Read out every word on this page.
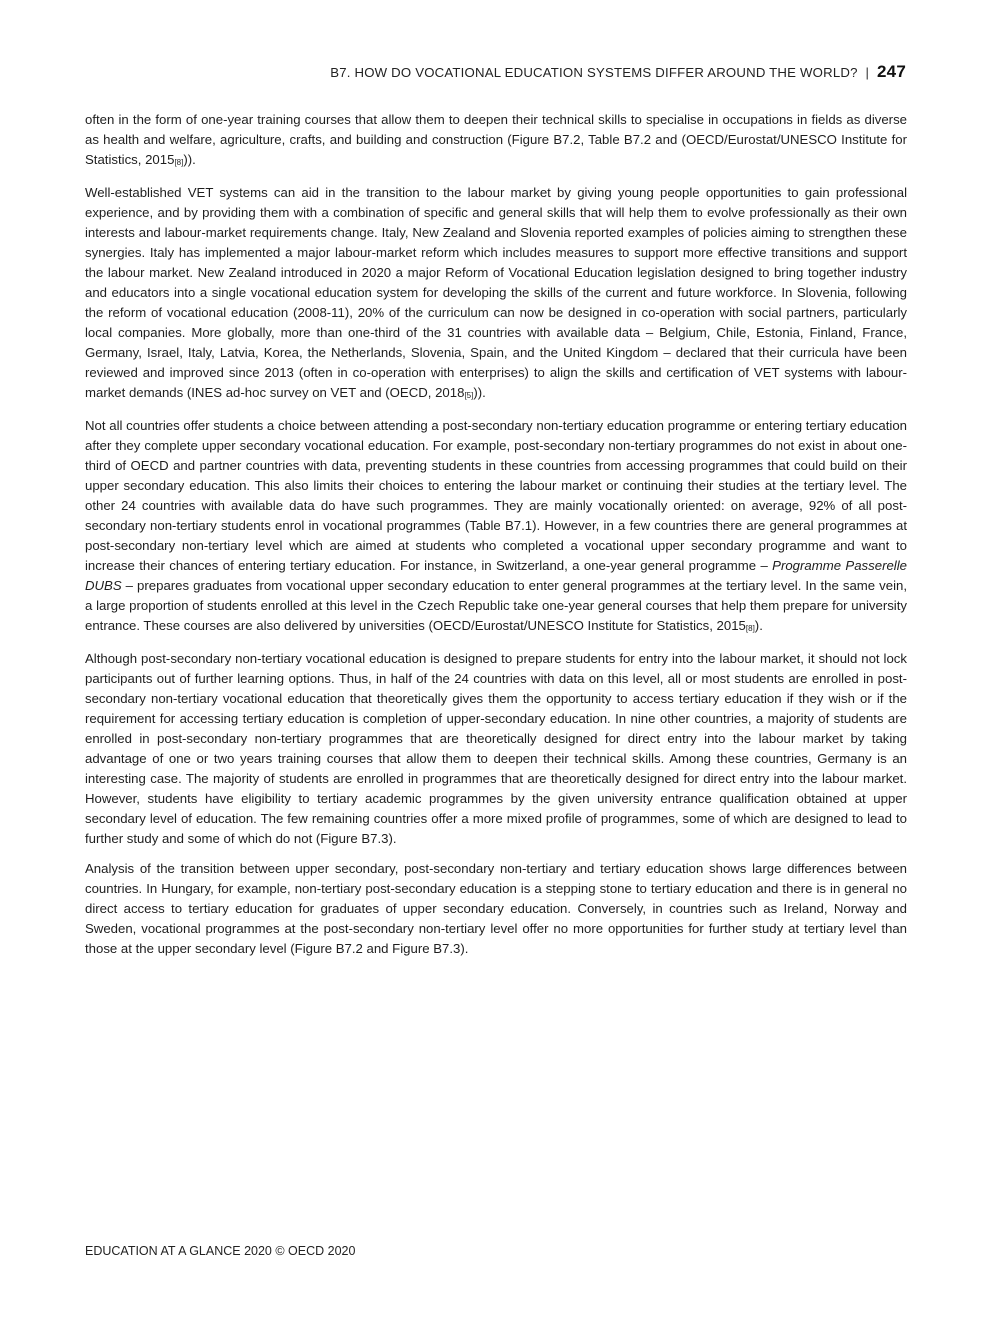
B7. HOW DO VOCATIONAL EDUCATION SYSTEMS DIFFER AROUND THE WORLD? | 247

often in the form of one-year training courses that allow them to deepen their technical skills to specialise in occupations in fields as diverse as health and welfare, agriculture, crafts, and building and construction (Figure B7.2, Table B7.2 and (OECD/Eurostat/UNESCO Institute for Statistics, 2015[8])).

Well-established VET systems can aid in the transition to the labour market by giving young people opportunities to gain professional experience, and by providing them with a combination of specific and general skills that will help them to evolve professionally as their own interests and labour-market requirements change. Italy, New Zealand and Slovenia reported examples of policies aiming to strengthen these synergies. Italy has implemented a major labour-market reform which includes measures to support more effective transitions and support the labour market. New Zealand introduced in 2020 a major Reform of Vocational Education legislation designed to bring together industry and educators into a single vocational education system for developing the skills of the current and future workforce. In Slovenia, following the reform of vocational education (2008-11), 20% of the curriculum can now be designed in co-operation with social partners, particularly local companies. More globally, more than one-third of the 31 countries with available data – Belgium, Chile, Estonia, Finland, France, Germany, Israel, Italy, Latvia, Korea, the Netherlands, Slovenia, Spain, and the United Kingdom – declared that their curricula have been reviewed and improved since 2013 (often in co-operation with enterprises) to align the skills and certification of VET systems with labour-market demands (INES ad-hoc survey on VET and (OECD, 2018[5])).

Not all countries offer students a choice between attending a post-secondary non-tertiary education programme or entering tertiary education after they complete upper secondary vocational education. For example, post-secondary non-tertiary programmes do not exist in about one-third of OECD and partner countries with data, preventing students in these countries from accessing programmes that could build on their upper secondary education. This also limits their choices to entering the labour market or continuing their studies at the tertiary level. The other 24 countries with available data do have such programmes. They are mainly vocationally oriented: on average, 92% of all post-secondary non-tertiary students enrol in vocational programmes (Table B7.1). However, in a few countries there are general programmes at post-secondary non-tertiary level which are aimed at students who completed a vocational upper secondary programme and want to increase their chances of entering tertiary education. For instance, in Switzerland, a one-year general programme – Programme Passerelle DUBS – prepares graduates from vocational upper secondary education to enter general programmes at the tertiary level. In the same vein, a large proportion of students enrolled at this level in the Czech Republic take one-year general courses that help them prepare for university entrance. These courses are also delivered by universities (OECD/Eurostat/UNESCO Institute for Statistics, 2015[8]).

Although post-secondary non-tertiary vocational education is designed to prepare students for entry into the labour market, it should not lock participants out of further learning options. Thus, in half of the 24 countries with data on this level, all or most students are enrolled in post-secondary non-tertiary vocational education that theoretically gives them the opportunity to access tertiary education if they wish or if the requirement for accessing tertiary education is completion of upper-secondary education. In nine other countries, a majority of students are enrolled in post-secondary non-tertiary programmes that are theoretically designed for direct entry into the labour market by taking advantage of one or two years training courses that allow them to deepen their technical skills. Among these countries, Germany is an interesting case. The majority of students are enrolled in programmes that are theoretically designed for direct entry into the labour market. However, students have eligibility to tertiary academic programmes by the given university entrance qualification obtained at upper secondary level of education. The few remaining countries offer a more mixed profile of programmes, some of which are designed to lead to further study and some of which do not (Figure B7.3).

Analysis of the transition between upper secondary, post-secondary non-tertiary and tertiary education shows large differences between countries. In Hungary, for example, non-tertiary post-secondary education is a stepping stone to tertiary education and there is in general no direct access to tertiary education for graduates of upper secondary education. Conversely, in countries such as Ireland, Norway and Sweden, vocational programmes at the post-secondary non-tertiary level offer no more opportunities for further study at tertiary level than those at the upper secondary level (Figure B7.2 and Figure B7.3).

EDUCATION AT A GLANCE 2020 © OECD 2020
